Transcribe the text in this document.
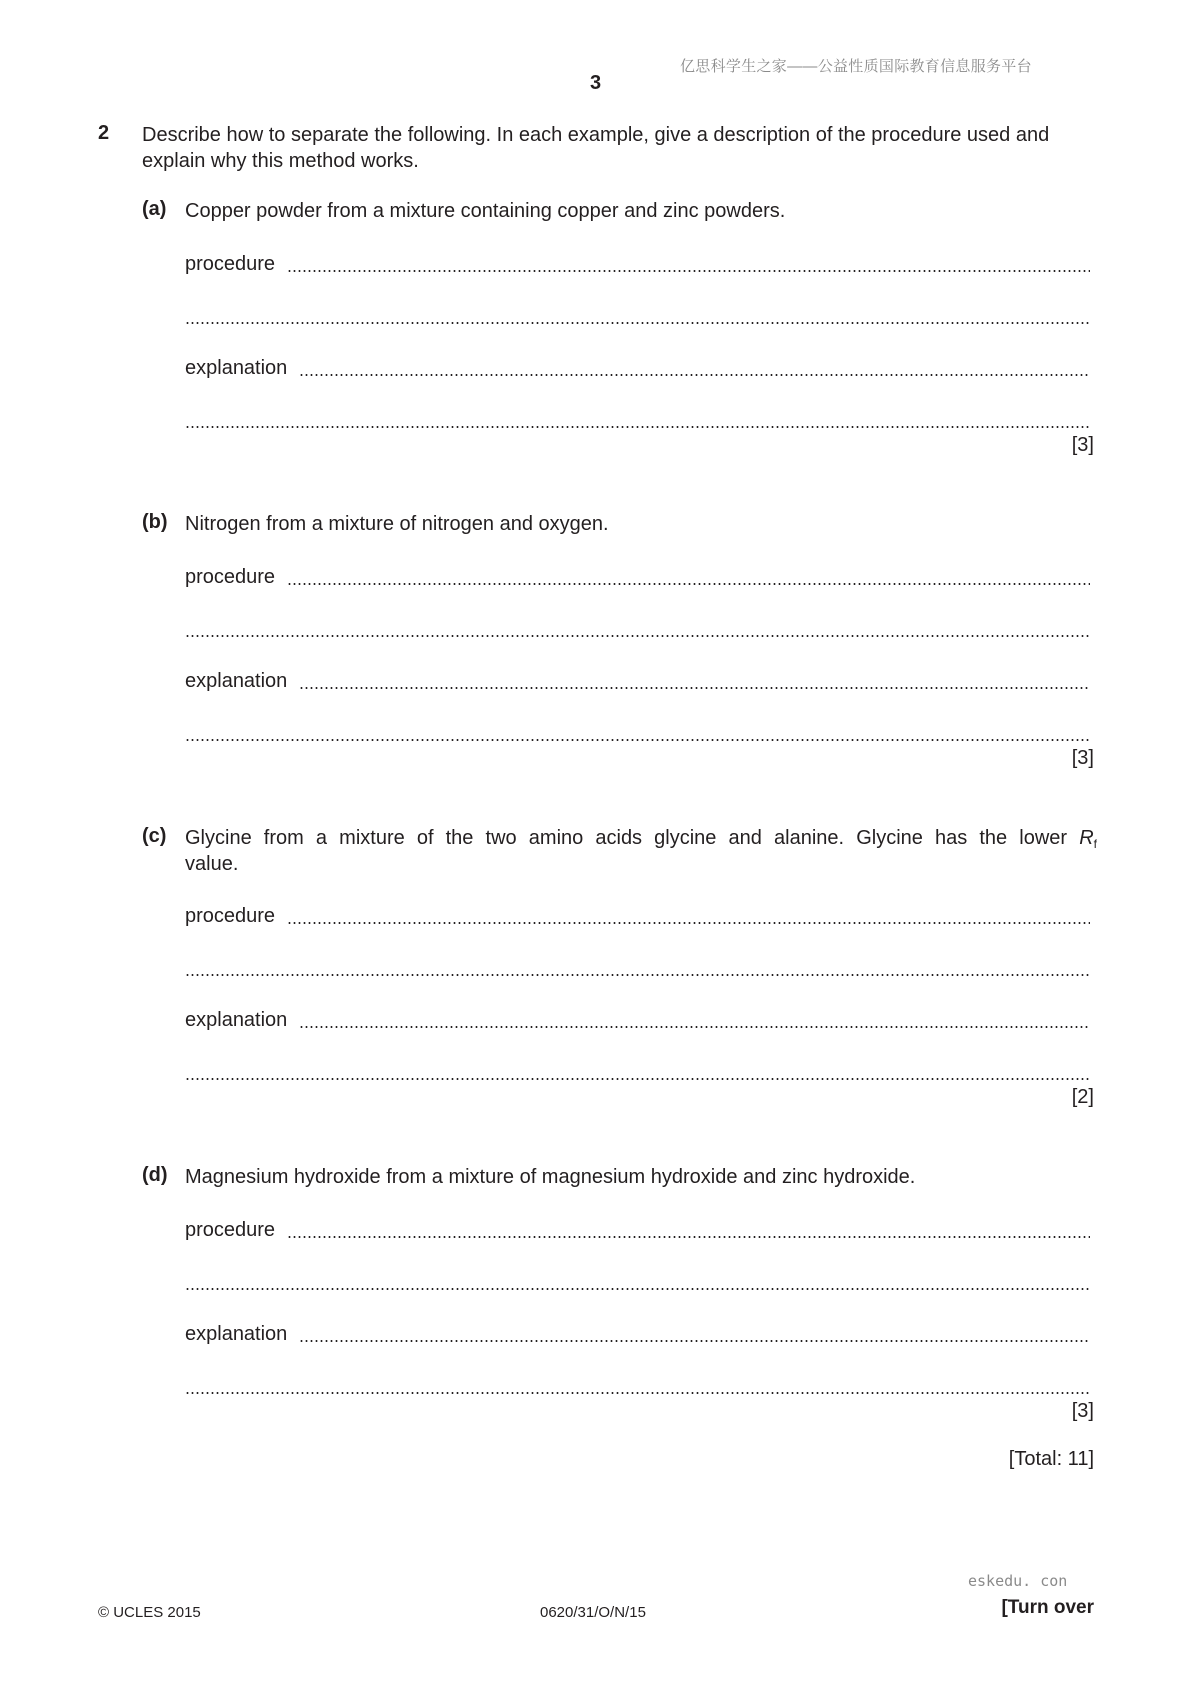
亿思科学生之家——公益性质国际教育信息服务平台
3
2 Describe how to separate the following. In each example, give a description of the procedure used and explain why this method works.
(a) Copper powder from a mixture containing copper and zinc powders.
procedure
explanation
[3]
(b) Nitrogen from a mixture of nitrogen and oxygen.
procedure
explanation
[3]
(c) Glycine from a mixture of the two amino acids glycine and alanine. Glycine has the lower $R_f$
value.
procedure
explanation
[2]
(d) Magnesium hydroxide from a mixture of magnesium hydroxide and zinc hydroxide.
procedure
explanation
[3]
[Total: 11]
eskedu. con
© UCLES 2015	0620/31/O/N/15	[Turn over
